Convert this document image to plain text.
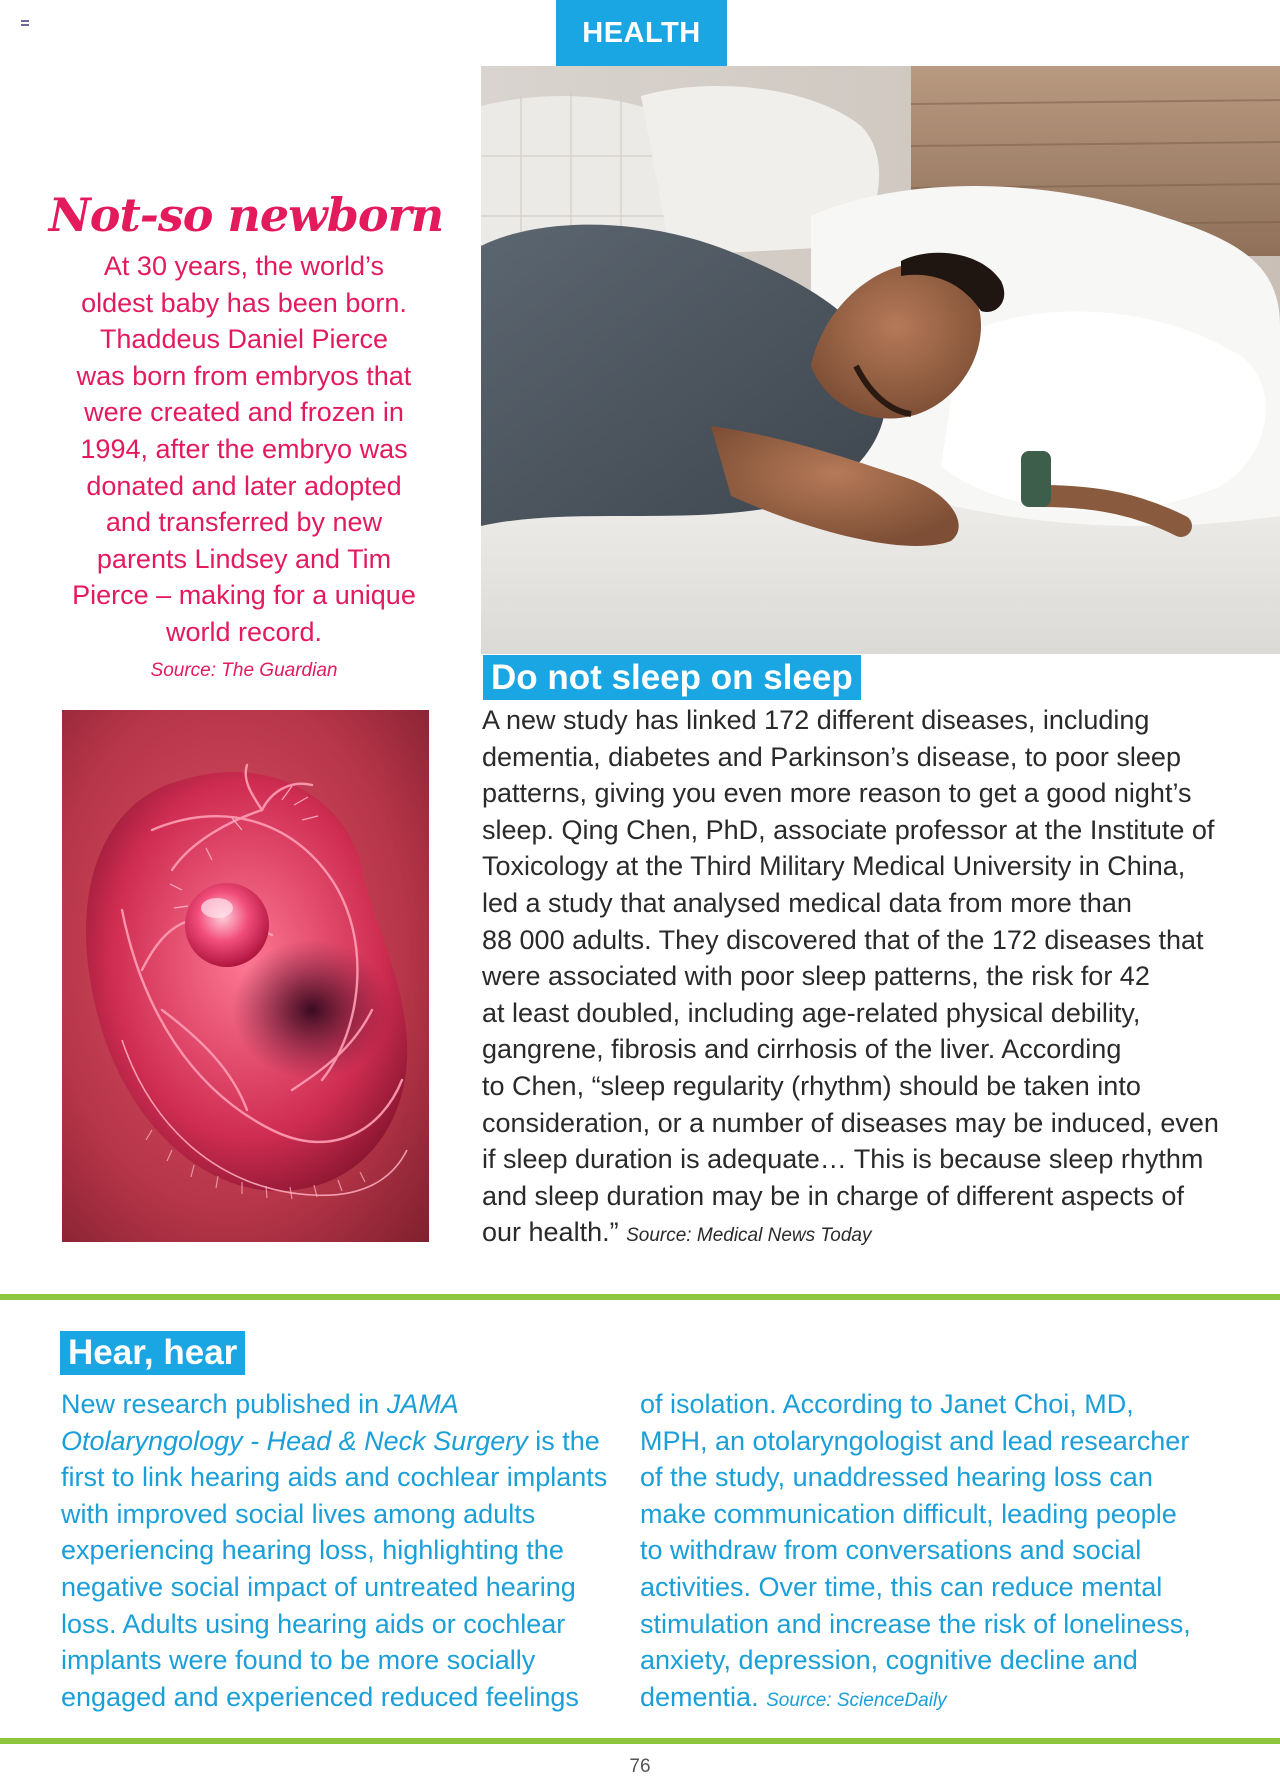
HEALTH
Not-so newborn
At 30 years, the world’s
oldest baby has been born.
Thaddeus Daniel Pierce
was born from embryos that
were created and frozen in
1994, after the embryo was
donated and later adopted
and transferred by new
parents Lindsey and Tim
Pierce – making for a unique
world record.
Source: The Guardian	Do not sleep on sleep
A new study has linked 172 different diseases, including
dementia, diabetes and Parkinson’s disease, to poor sleep
patterns, giving you even more reason to get a good night’s
sleep. Qing Chen, PhD, associate professor at the Institute of
Toxicology at the Third Military Medical University in China,
led a study that analysed medical data from more than
88 000 adults. They discovered that of the 172 diseases that
were associated with poor sleep patterns, the risk for 42
at least doubled, including age-related physical debility,
gangrene, fibrosis and cirrhosis of the liver. According
to Chen, “sleep regularity (rhythm) should be taken into
consideration, or a number of diseases may be induced, even
if sleep duration is adequate… This is because sleep rhythm
and sleep duration may be in charge of different aspects of
our health.” Source: Medical News Today
Hear, hear
New research published in JAMA
Otolaryngology - Head & Neck Surgery is the
first to link hearing aids and cochlear implants
with improved social lives among adults
experiencing hearing loss, highlighting the
negative social impact of untreated hearing
loss. Adults using hearing aids or cochlear
implants were found to be more socially
engaged and experienced reduced feelings
of isolation. According to Janet Choi, MD,
MPH, an otolaryngologist and lead researcher
of the study, unaddressed hearing loss can
make communication difficult, leading people
to withdraw from conversations and social
activities. Over time, this can reduce mental
stimulation and increase the risk of loneliness,
anxiety, depression, cognitive decline and
dementia. Source: ScienceDaily
76
